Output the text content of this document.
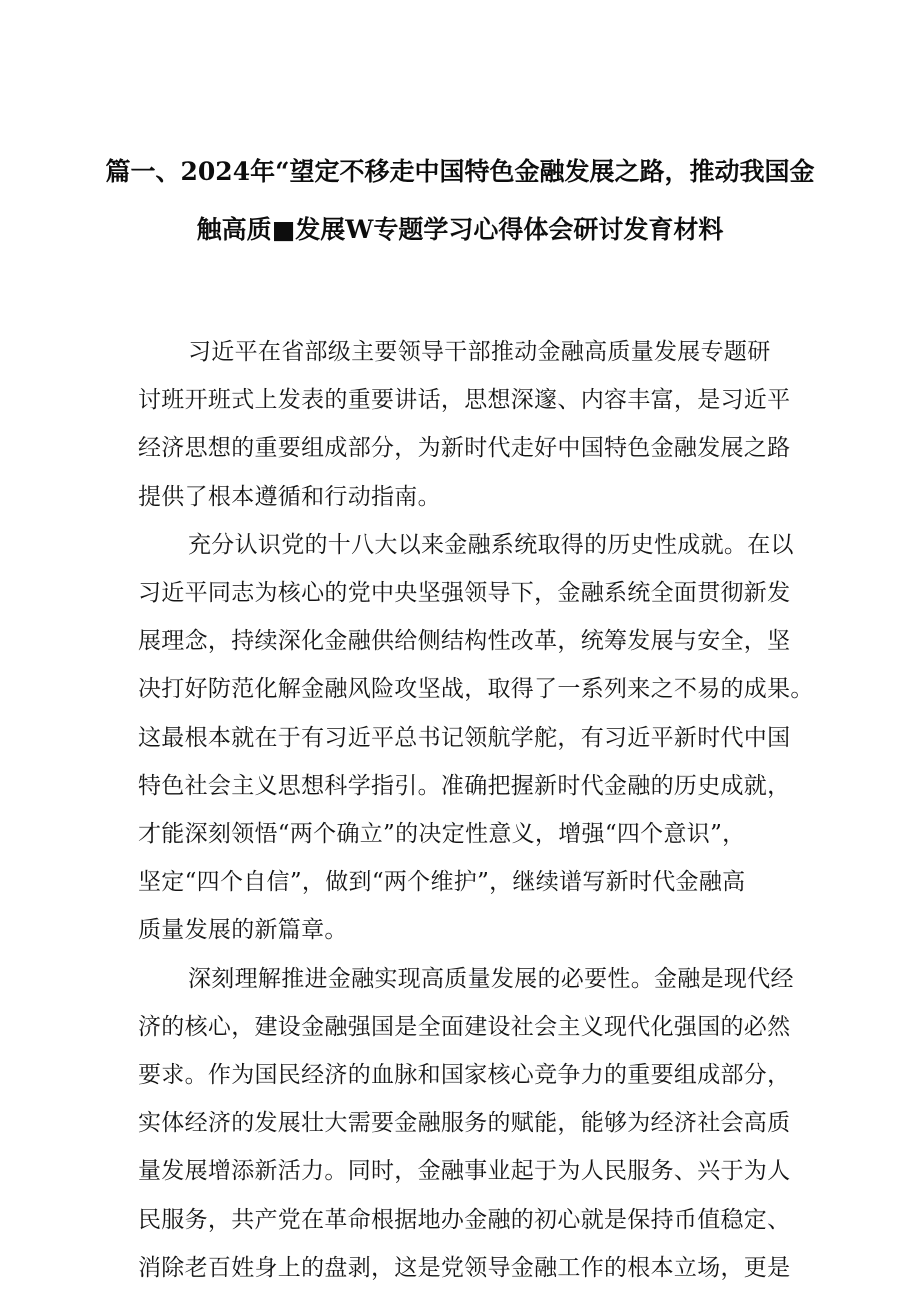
篇一、2024年“望定不移走中国特色金融发展之路，推动我国金
触高质■发展W专题学习心得体会研讨发育材料
习近平在省部级主要领导干部推动金融高质量发展专题研
讨班开班式上发表的重要讲话，思想深邃、内容丰富，是习近平
经济思想的重要组成部分，为新时代走好中国特色金融发展之路
提供了根本遵循和行动指南。
充分认识党的十八大以来金融系统取得的历史性成就。在以
习近平同志为核心的党中央坚强领导下，金融系统全面贯彻新发
展理念，持续深化金融供给侧结构性改革，统筹发展与安全，坚
决打好防范化解金融风险攻坚战，取得了一系列来之不易的成果。
这最根本就在于有习近平总书记领航学舵，有习近平新时代中国
特色社会主义思想科学指引。准确把握新时代金融的历史成就，
才能深刻领悟“两个确立”的决定性意义，增强“四个意识”，
坚定“四个自信”，做到“两个维护”，继续谱写新时代金融高
质量发展的新篇章。
深刻理解推进金融实现高质量发展的必要性。金融是现代经
济的核心，建设金融强国是全面建设社会主义现代化强国的必然
要求。作为国民经济的血脉和国家核心竞争力的重要组成部分，
实体经济的发展壮大需要金融服务的赋能，能够为经济社会高质
量发展增添新活力。同时，金融事业起于为人民服务、兴于为人
民服务，共产党在革命根据地办金融的初心就是保持币值稳定、
消除老百姓身上的盘剥，这是党领导金融工作的根本立场，更是
